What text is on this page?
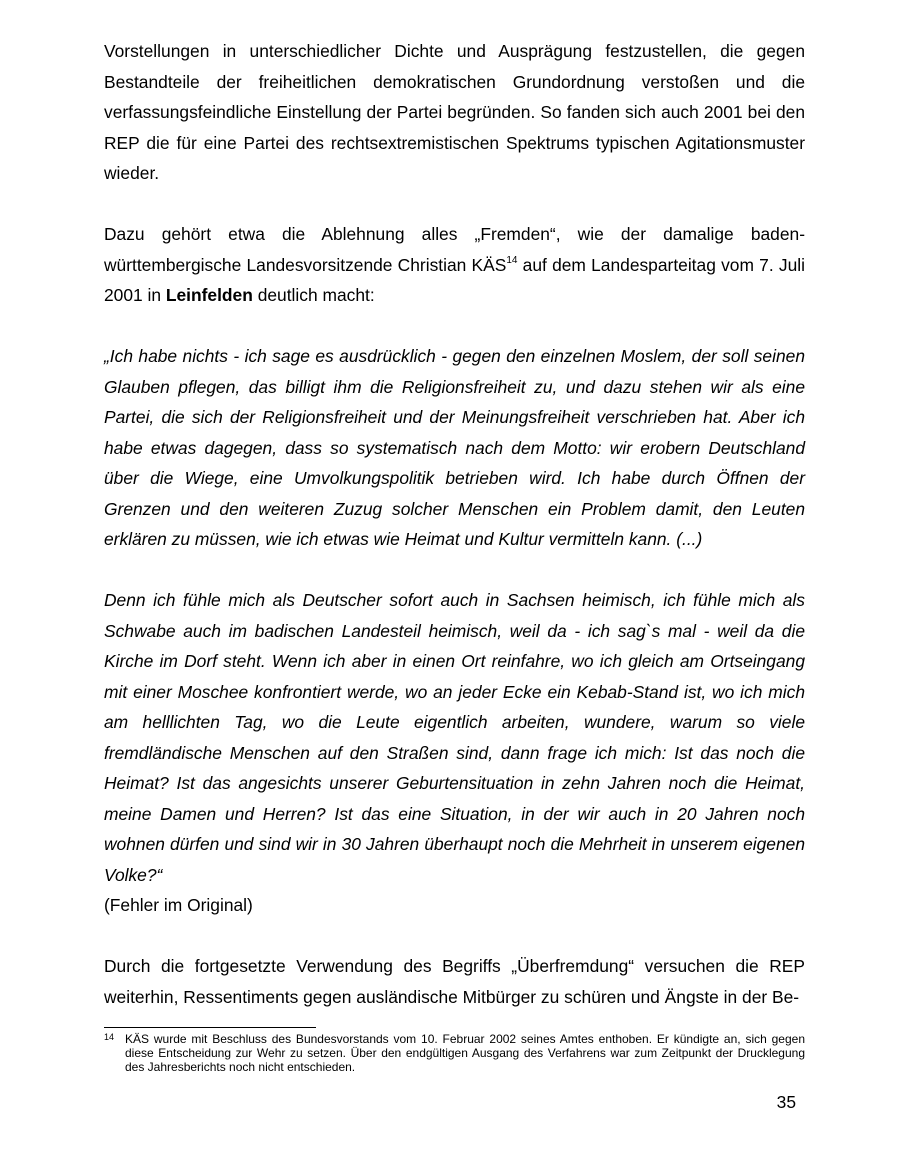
Vorstellungen in unterschiedlicher Dichte und Ausprägung festzustellen, die gegen Bestandteile der freiheitlichen demokratischen Grundordnung verstoßen und die verfassungsfeindliche Einstellung der Partei begründen. So fanden sich auch 2001 bei den REP die für eine Partei des rechtsextremistischen Spektrums typischen Agitationsmuster wieder.

Dazu gehört etwa die Ablehnung alles „Fremden“, wie der damalige baden-württembergische Landesvorsitzende Christian KÄS$^{14}$ auf dem Landesparteitag vom 7. Juli 2001 in Leinfelden deutlich macht:

„Ich habe nichts - ich sage es ausdrücklich - gegen den einzelnen Moslem, der soll seinen Glauben pflegen, das billigt ihm die Religionsfreiheit zu, und dazu stehen wir als eine Partei, die sich der Religionsfreiheit und der Meinungsfreiheit verschrieben hat. Aber ich habe etwas dagegen, dass so systematisch nach dem Motto: wir erobern Deutschland über die Wiege, eine Umvolkungspolitik betrieben wird. Ich habe durch Öffnen der Grenzen und den weiteren Zuzug solcher Menschen ein Problem damit, den Leuten erklären zu müssen, wie ich etwas wie Heimat und Kultur vermitteln kann. (...)

Denn ich fühle mich als Deutscher sofort auch in Sachsen heimisch, ich fühle mich als Schwabe auch im badischen Landesteil heimisch, weil da - ich sag`s mal - weil da die Kirche im Dorf steht. Wenn ich aber in einen Ort reinfahre, wo ich gleich am Ortseingang mit einer Moschee konfrontiert werde, wo an jeder Ecke ein Kebab-Stand ist, wo ich mich am helllichten Tag, wo die Leute eigentlich arbeiten, wundere, warum so viele fremdländische Menschen auf den Straßen sind, dann frage ich mich: Ist das noch die Heimat? Ist das angesichts unserer Geburtensituation in zehn Jahren noch die Heimat, meine Damen und Herren? Ist das eine Situation, in der wir auch in 20 Jahren noch wohnen dürfen und sind wir in 30 Jahren überhaupt noch die Mehrheit in unserem eigenen Volke?“

(Fehler im Original)

Durch die fortgesetzte Verwendung des Begriffs „Überfremdung“ versuchen die REP weiterhin, Ressentiments gegen ausländische Mitbürger zu schüren und Ängste in der Be-

14 KÄS wurde mit Beschluss des Bundesvorstands vom 10. Februar 2002 seines Amtes enthoben. Er kündigte an, sich gegen diese Entscheidung zur Wehr zu setzen. Über den endgültigen Ausgang des Verfahrens war zum Zeitpunkt der Drucklegung des Jahresberichts noch nicht entschieden.
35
